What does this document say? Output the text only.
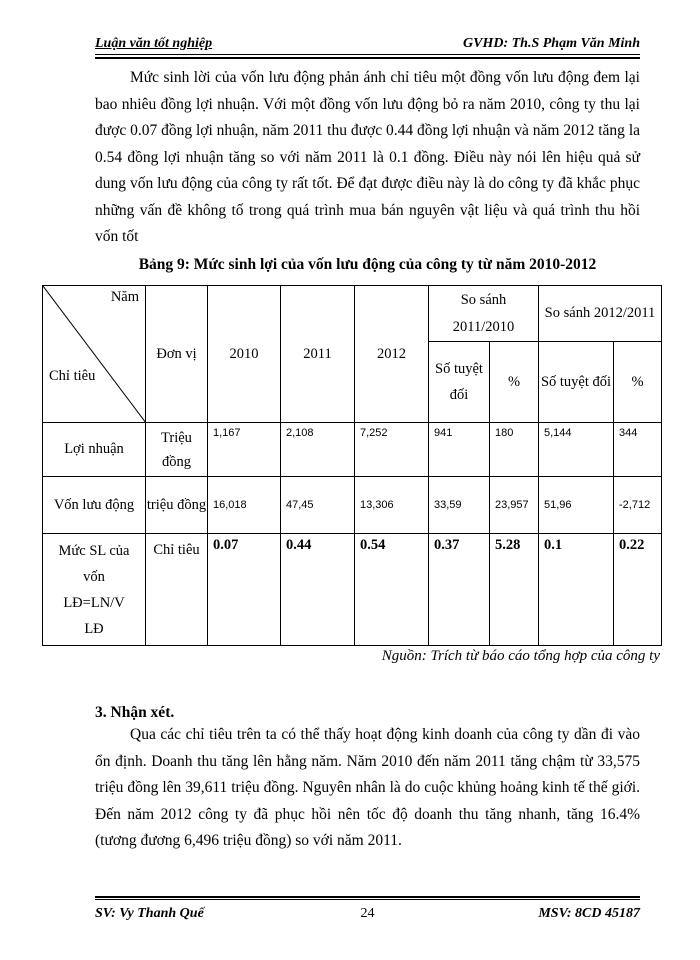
Luận văn tốt nghiệp	GVHD: Th.S Phạm Văn Minh

Mức sinh lời của vốn lưu động phản ánh chỉ tiêu một đồng vốn lưu động đem lại bao nhiêu đồng lợi nhuận. Với một đồng vốn lưu động bỏ ra năm 2010, công ty thu lại được 0.07 đồng lợi nhuận, năm 2011 thu được 0.44 đồng lợi nhuận và năm 2012 tăng la 0.54 đồng lợi nhuận tăng so với năm 2011 là 0.1 đồng. Điều này nói lên hiệu quả sử dung vốn lưu động của công ty rất tốt. Để đạt được điều này là do công ty đã khắc phục những vấn đề không tố trong quá trình mua bán nguyên vật liệu và quá trình thu hồi vốn tốt

Bảng 9: Mức sinh lợi của vốn lưu động của công ty từ năm 2010-2012
Năm
Chỉ tiêu	Đơn vị	2010	2011	2012	So sánh 2011/2010		So sánh 2012/2011	
					Số tuyệt đối	%	Số tuyệt đối	%
Lợi nhuận	Triệu đồng	1,167	2,108	7,252	941	180	5,144	344
Vốn lưu động	triệu đồng	16,018	47,45	13,306	33,59	23,957	51,96	-2,712
Mức SL của vốn LĐ=LN/V LĐ	Chỉ tiêu	0.07	0.44	0.54	0.37	5.28	0.1	0.22
Nguồn: Trích từ báo cáo tổng hợp của công ty
3. Nhận xét.

Qua các chỉ tiêu trên ta có thể thấy hoạt động kinh doanh của công ty dần đi vào ổn định. Doanh thu tăng lên hằng năm. Năm 2010 đến năm 2011 tăng chậm từ 33,575 triệu đồng lên 39,611 triệu đồng. Nguyên nhân là do cuộc khủng hoảng kinh tế thế giới. Đến năm 2012 công ty đã phục hồi nên tốc độ doanh thu tăng nhanh, tăng 16.4% (tương đương 6,496 triệu đồng) so với năm 2011.

SV: Vy Thanh Quế	24	MSV: 8CD 45187
